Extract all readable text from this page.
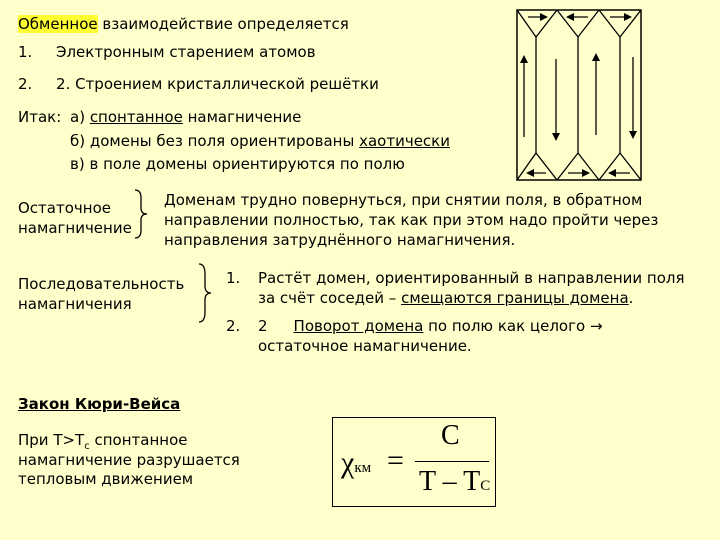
Обменное взаимодействие определяется
1. Электронным старением атомов
2. 2. Строением кристаллической решётки
Итак: а) спонтанное намагничение
б) домены без поля ориентированы хаотически
в) в поле домены ориентируются по полю
Остаточное
намагничение
Доменам трудно повернуться, при снятии поля, в обратном
направлении полностью, так как при этом надо пройти через
направления затруднённого намагничения.
Последовательность
намагничения
1. Растёт домен, ориентированный в направлении поля
за счёт соседей – смещаются границы домена.
2. 2 Поворот домена по полю как целого →
остаточное намагничение.
Закон Кюри-Вейса
При $T>T_c$ спонтанное
намагничение разрушается
тепловым движением	χкм =
C
T – TC
